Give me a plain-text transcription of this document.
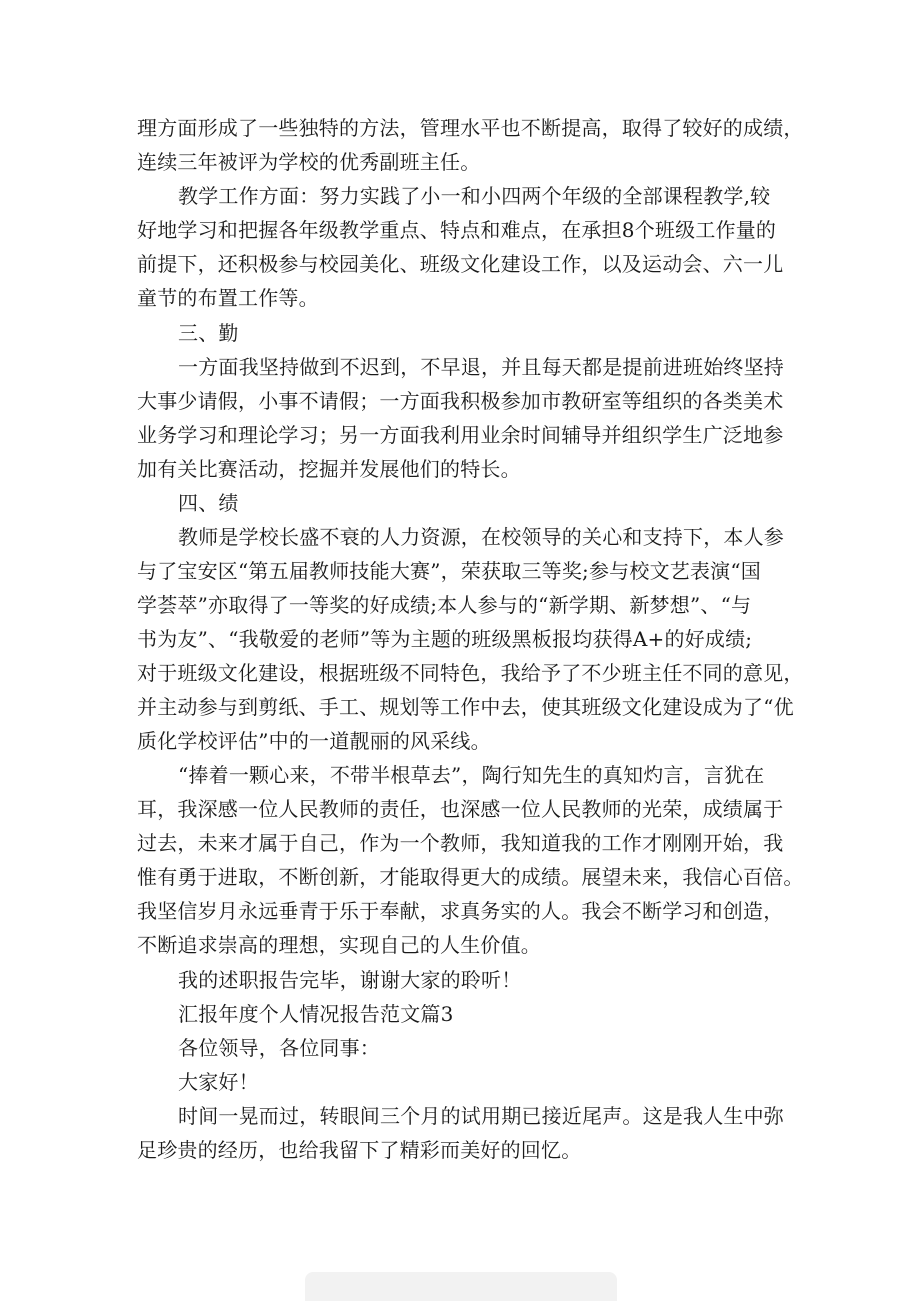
理方面形成了一些独特的方法，管理水平也不断提高，取得了较好的成绩，
连续三年被评为学校的优秀副班主任。
教学工作方面：努力实践了小一和小四两个年级的全部课程教学,较
好地学习和把握各年级教学重点、特点和难点，在承担8个班级工作量的
前提下，还积极参与校园美化、班级文化建设工作，以及运动会、六一儿
童节的布置工作等。
三、勤
一方面我坚持做到不迟到，不早退，并且每天都是提前进班始终坚持
大事少请假，小事不请假；一方面我积极参加市教研室等组织的各类美术
业务学习和理论学习；另一方面我利用业余时间辅导并组织学生广泛地参
加有关比赛活动，挖掘并发展他们的特长。
四、绩
教师是学校长盛不衰的人力资源，在校领导的关心和支持下，本人参
与了宝安区“第五届教师技能大赛”，荣获取三等奖;参与校文艺表演“国
学荟萃”亦取得了一等奖的好成绩;本人参与的“新学期、新梦想”、“与
书为友”、“我敬爱的老师”等为主题的班级黑板报均获得A+的好成绩;
对于班级文化建设，根据班级不同特色，我给予了不少班主任不同的意见，
并主动参与到剪纸、手工、规划等工作中去，使其班级文化建设成为了“优
质化学校评估”中的一道靓丽的风采线。
“捧着一颗心来，不带半根草去”，陶行知先生的真知灼言，言犹在
耳，我深感一位人民教师的责任，也深感一位人民教师的光荣，成绩属于
过去，未来才属于自己，作为一个教师，我知道我的工作才刚刚开始，我
惟有勇于进取，不断创新，才能取得更大的成绩。展望未来，我信心百倍。
我坚信岁月永远垂青于乐于奉献，求真务实的人。我会不断学习和创造，
不断追求崇高的理想，实现自己的人生价值。
我的述职报告完毕，谢谢大家的聆听！
汇报年度个人情况报告范文篇3
各位领导，各位同事：
大家好！
时间一晃而过，转眼间三个月的试用期已接近尾声。这是我人生中弥
足珍贵的经历，也给我留下了精彩而美好的回忆。
